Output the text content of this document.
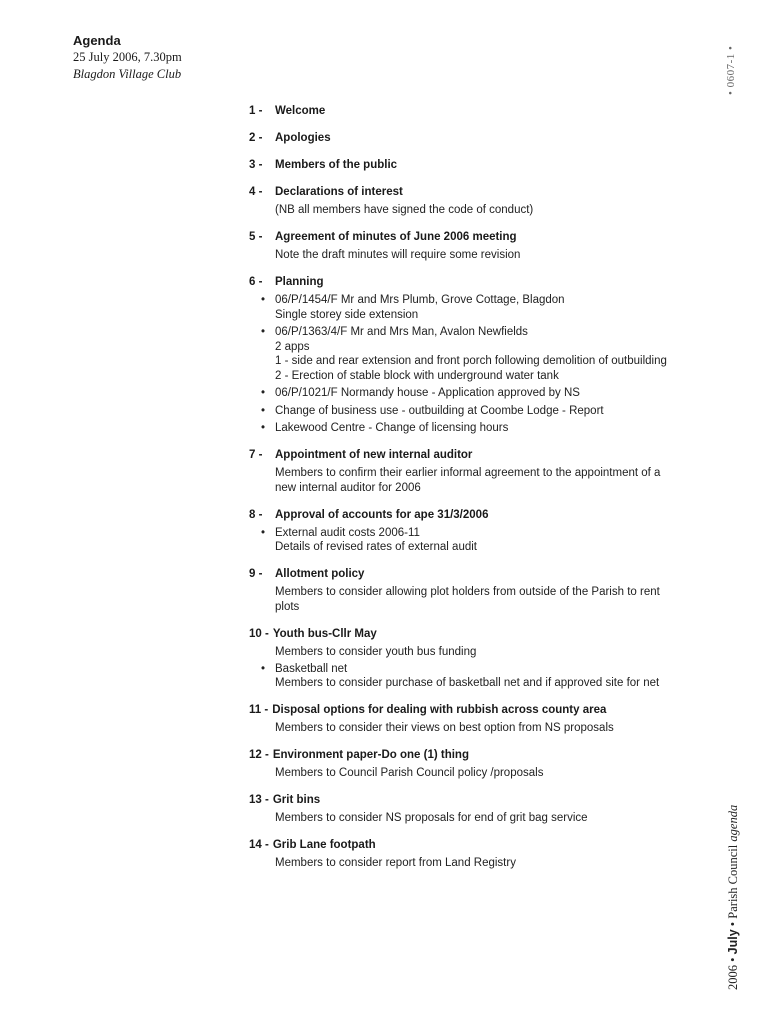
Agenda
25 July 2006, 7.30pm
Blagdon Village Club	• 0607-1 •
2006 • July • Parish Council agenda
1 -	Welcome
2 -	Apologies
3 -	Members of the public
4 -	Declarations of interest

(NB all members have signed the code of conduct)

5 -	Agreement of minutes of June 2006 meeting

Note the draft minutes will require some revision

6 -	Planning
• 06/P/1454/F Mr and Mrs Plumb, Grove Cottage, Blagdon
Single storey side extension
• 06/P/1363/4/F Mr and Mrs Man, Avalon Newfields
2 apps
1 - side and rear extension and front porch following demolition of outbuilding
2 - Erection of stable block with underground water tank
• 06/P/1021/F Normandy house - Application approved by NS
• Change of business use - outbuilding at Coombe Lodge - Report
• Lakewood Centre - Change of licensing hours
7 -	Appointment of new internal auditor

Members to confirm their earlier informal agreement to the appointment of a new internal auditor for 2006

8 -	Approval of accounts for ape 31/3/2006
• External audit costs 2006-11
Details of revised rates of external audit
9 -	Allotment policy

Members to consider allowing plot holders from outside of the Parish to rent plots

10 - Youth bus-Cllr May

Members to consider youth bus funding

• Basketball net
Members to consider purchase of basketball net and if approved site for net
11 - Disposal options for dealing with rubbish across county area

Members to consider their views on best option from NS proposals

12 - Environment paper-Do one (1) thing

Members to Council Parish Council policy /proposals

13 - Grit bins

Members to consider NS proposals for end of grit bag service

14 - Grib Lane footpath

Members to consider report from Land Registry
